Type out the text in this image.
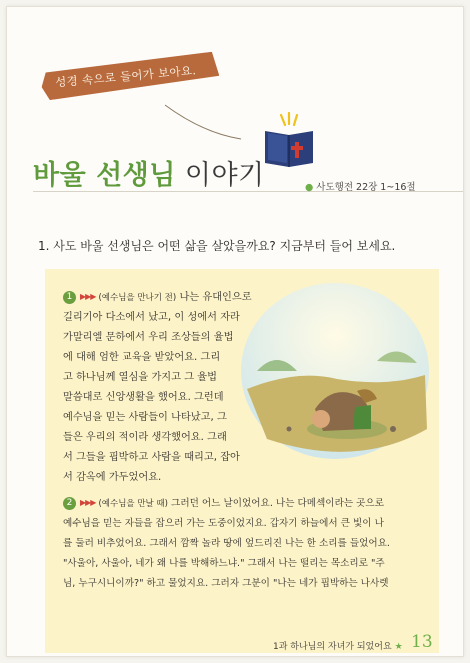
성경 속으로 들어가 보아요.
바울 선생님 이야기	● 사도행전 22장 1~16절
1. 사도 바울 선생님은 어떤 삶을 살았을까요? 지금부터 들어 보세요.
1 ▶▶▶ (예수님을 만나기 전) 나는 유대인으로
길리기아 다소에서 났고, 이 성에서 자라
가말리엘 문하에서 우리 조상들의 율법
에 대해 엄한 교육을 받았어요. 그리
고 하나님께 열심을 가지고 그 율법
말씀대로 신앙생활을 했어요. 그런데
예수님을 믿는 사람들이 나타났고, 그
들은 우리의 적이라 생각했어요. 그래
서 그들을 핍박하고 사람을 때리고, 잡아
서 감옥에 가두었어요.
2 ▶▶▶ (예수님을 만날 때) 그러던 어느 날이었어요. 나는 다메섹이라는 곳으로
예수님을 믿는 자들을 잡으러 가는 도중이었지요. 갑자기 하늘에서 큰 빛이 나
를 둘러 비추었어요. 그래서 깜짝 놀라 땅에 엎드리진 나는 한 소리를 들었어요.
"사울아, 사울아, 네가 왜 나를 박해하느냐." 그래서 나는 떨리는 목소리로 "주
님, 누구시니이까?" 하고 물었지요. 그러자 그분이 "나는 네가 핍박하는 나사렛
1과 하나님의 자녀가 되었어요 ★ 13
